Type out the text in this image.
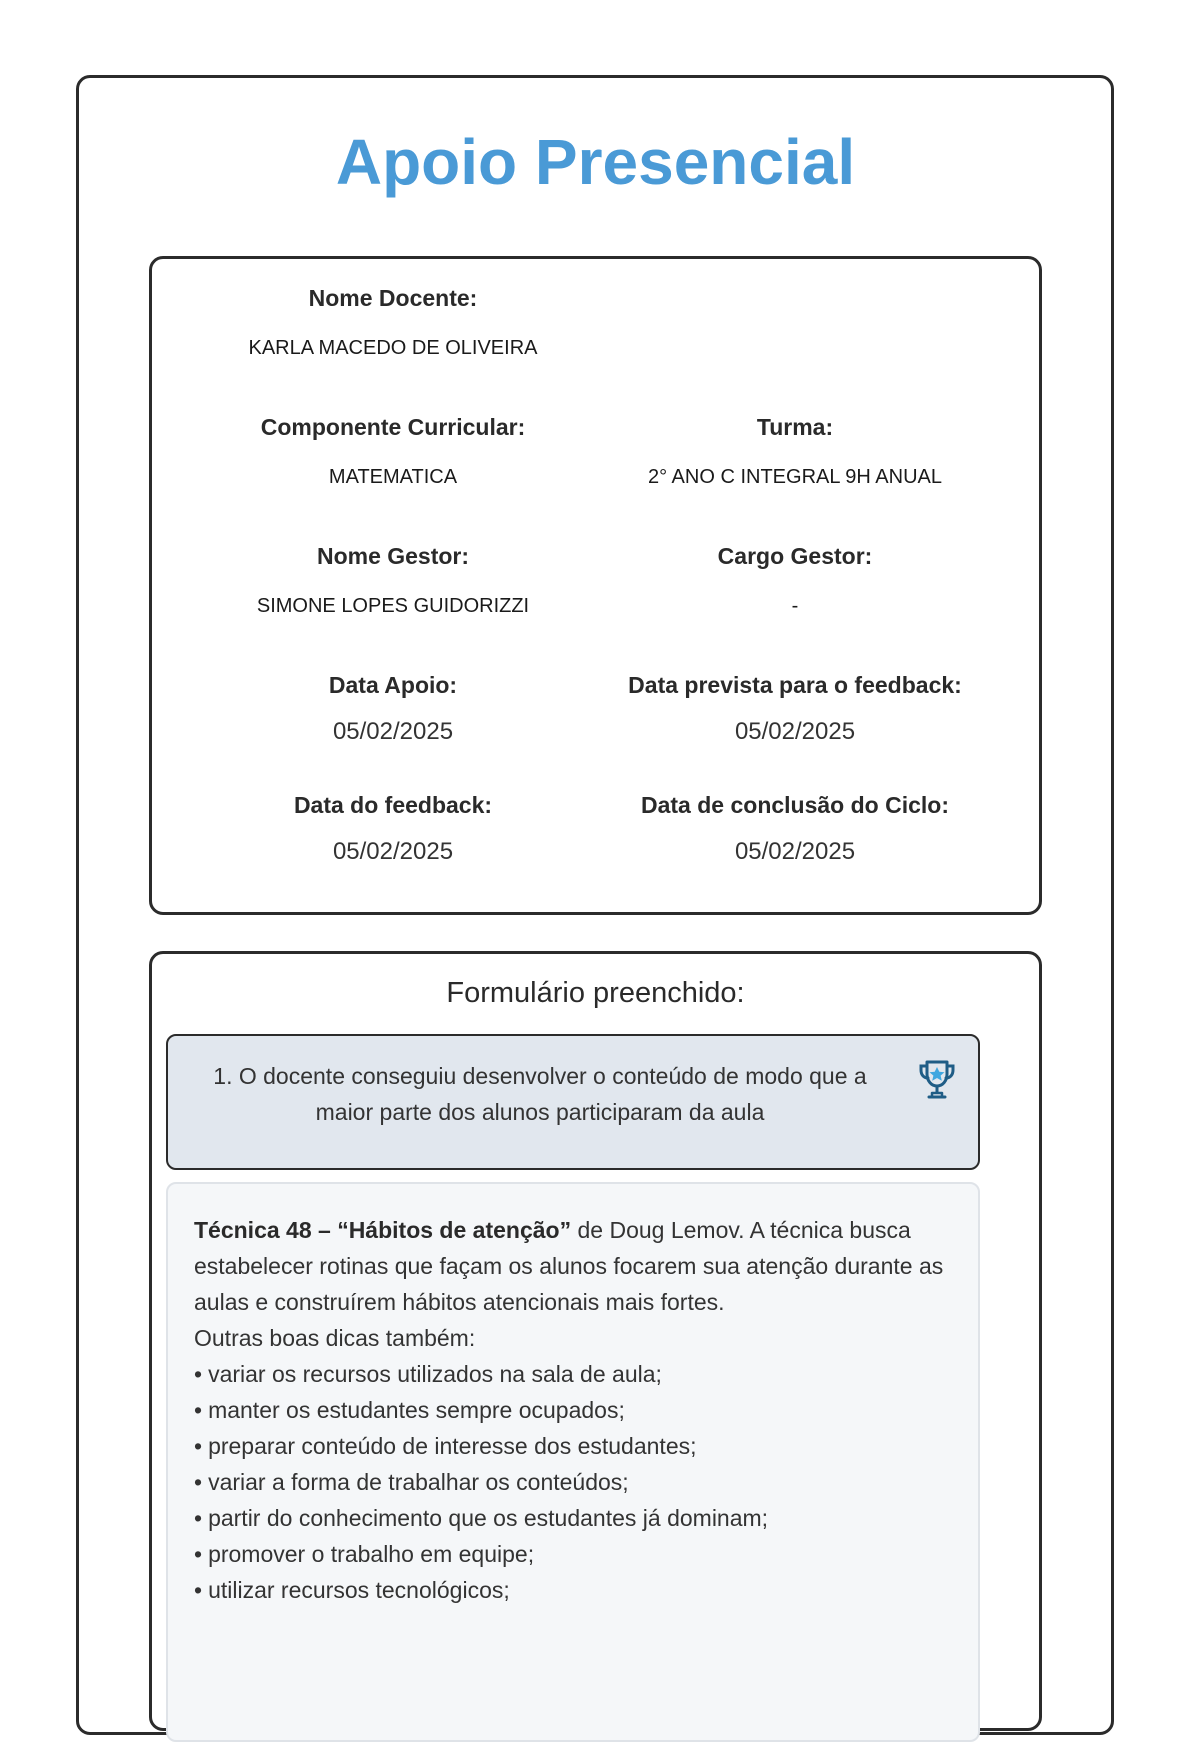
Apoio Presencial
Nome Docente:
KARLA MACEDO DE OLIVEIRA
Componente Curricular:
MATEMATICA
Turma:
2° ANO C INTEGRAL 9H ANUAL
Nome Gestor:
SIMONE LOPES GUIDORIZZI
Cargo Gestor:
-
Data Apoio:
05/02/2025
Data prevista para o feedback:
05/02/2025
Data do feedback:
05/02/2025
Data de conclusão do Ciclo:
05/02/2025
Formulário preenchido:
1. O docente conseguiu desenvolver o conteúdo de modo que a maior parte dos alunos participaram da aula

Técnica 48 – “Hábitos de atenção” de Doug Lemov. A técnica busca estabelecer rotinas que façam os alunos focarem sua atenção durante as aulas e construírem hábitos atencionais mais fortes.

Outras boas dicas também:

• variar os recursos utilizados na sala de aula;
• manter os estudantes sempre ocupados;
• preparar conteúdo de interesse dos estudantes;
• variar a forma de trabalhar os conteúdos;
• partir do conhecimento que os estudantes já dominam;
• promover o trabalho em equipe;
• utilizar recursos tecnológicos;
